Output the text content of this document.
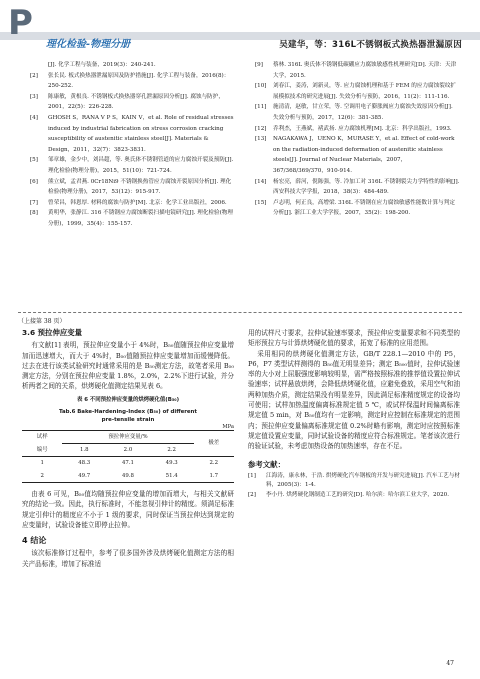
P
理化检验-物理分册	吴建华，等：316L不锈钢板式换热器泄漏原因
[J]. 化学工程与装备，2019(3)：240-241.
[2]	张长民. 板式换热器泄漏原因及防护措施[J]. 化学工程与装备，2016(8)：250-252.
[3]	陈康敏，黄根良. 不锈钢板式换热器穿孔泄漏原因分析[J]. 腐蚀与防护，2001，22(5)：226-228.
[4]	GHOSH S，RANA V P S，KAIN V，et al. Role of residual stresses induced by industrial fabrication on stress corrosion cracking susceptibility of austenitic stainless steel[J]. Materials & Design，2011，32(7)：3823-3831.
[5]	邹章雄，金少中，刘昌超，等. 奥氏体不锈钢管道的应力腐蚀开裂及预防[J]. 理化检验(物理分册)，2015，51(10)：721-724.
[6]	熊立斌，孟君燕. 0Cr18Ni9 不锈钢换热管应力腐蚀开裂原因分析[J]. 理化检验(物理分册)，2017，53(12)：915-917.
[7]	曾荣昌，韩恩厚. 材料的腐蚀与防护[M]. 北京：化学工业出版社，2006.
[8]	黄明华，张静江. 316 不锈钢应力腐蚀断裂扫描电镜研究[J]. 理化检验(物理分册)，1999，35(4)：155-157.
[9]	蔡林. 316L 奥氏体不锈钢低碳硼应力腐蚀敏感性机理研究[D]. 天津：天津大学，2015.
[10]	刘春江，姜涛，刘新灵，等. 应力腐蚀机理和基于 FEM 的应力腐蚀裂纹扩展模拟技术的研究进展[J]. 失效分析与预防，2016，11(2)：111-116.
[11]	施清清，赵敏，甘立荣，等. 空调用电子膨胀阀应力腐蚀失效原因分析[J]. 失效分析与预防，2017，12(6)：381-385.
[12]	乔利杰，王燕斌，褚武扬. 应力腐蚀机理[M]. 北京：科学出版社，1993.
[13]	NAGAKAWA J，UENO K，MURASE Y，et al. Effect of cold-work on the radiation-induced deformation of austenitic stainless steels[J]. Journal of Nuclear Materials，2007，367/368/369/370，910-914.
[14]	杨宏亮，薛河，倪陈强，等. 冷加工对 316L 不锈钢裂尖力学特性的影响[J]. 西安科技大学学报，2018，38(3)：484-489.
[15]	卢志明，何正良，高增梁. 316L 不锈钢在应力腐蚀敏感性能数计算与判定分析[J]. 浙江工业大学学报，2007，35(2)：198-200.
（上接第 38 页）
3.6 预拉伸应变量

有文献[1] 表明，预拉伸应变量小于 4%时，B₅₀值随预拉伸应变量增加而迅速增大，而大于 4%时，B₅₀值随预拉伸应变量增加而缓慢降低。过去在进行该类试验研究时通常采用的是 B₅₀测定方法，故笔者采用 B₅₀测定方法，分别在预拉伸应变量 1.8%，2.0%，2.2%下进行试验，并分析两者之间的关系，烘烤硬化值测定结果见表 6。

表 6 不同预拉伸应变量的烘烤硬化值(B₅₀)
Tab.6 Bake-Hardening-Index (B₅₀) of different
pre-tensile strain
MPa
试样	预拉伸应变量/%			极差
编号	1.8	2.0	2.2	
1	48.3	47.1	49.3	2.2
2	49.7	49.8	51.4	1.7

由表 6 可见，B₅₀值均随预拉伸应变量的增加而增大，与相关文献研究的结论一致。因此，执行标准时，不能忽视引伸计的精度。须满足标准规定引伸计的精度应不小于 1 级的要求，同时保证当预拉伸达到规定的应变量时，试验设备能立即停止拉伸。

4 结论

该次标准修订过程中，参考了很多国外涉及烘烤硬化值测定方法的相关产品标准，增加了标准适

用的试样尺寸要求，拉伸试验速率要求，预拉伸应变量要求和不同类型的矩形预拉方与计算烘烤硬化值的要求，拓宽了标准的应用范围。

采用相同的烘烤硬化值测定方法，GB/T 228.1—2010 中的 P5，P6，P7 类型试样测得的 B₅₀值无明显差异；测定 B₅₀₀值时，拉伸试验速率的大小对上屈服强度影响较明显，需严格按照标准的推荐值设置拉伸试验速率；试样悬放烘烤，会降低烘烤硬化值，应避免叠放，采用空气和油两种加热介质，测定结果没有明显差异，因此满足标准精度规定的设备均可使用；试样加热温度偏离标准规定值 5 ℃，或试样保温时间偏离标准规定值 5 min，对 B₅₀值均有一定影响，测定时应控制在标准规定的范围内；预拉伸应变量偏离标准规定值 0.2%时略有影响，测定时应按照标准规定值设置应变量，同时试验设备的精度应符合标准规定。笔者该次进行的验证试验，未考虑加热设备的加热速率，存在不足。

参考文献：
[1]	江海涛，康永林，于浩. 烘烤硬化汽车钢板的开发与研究进展[J]. 汽车工艺与材料，2005(3)：1-4.
[2]	李小丹. 烘烤硬化钢制造工艺的研究[D]. 哈尔滨：哈尔滨工业大学，2020.
47
